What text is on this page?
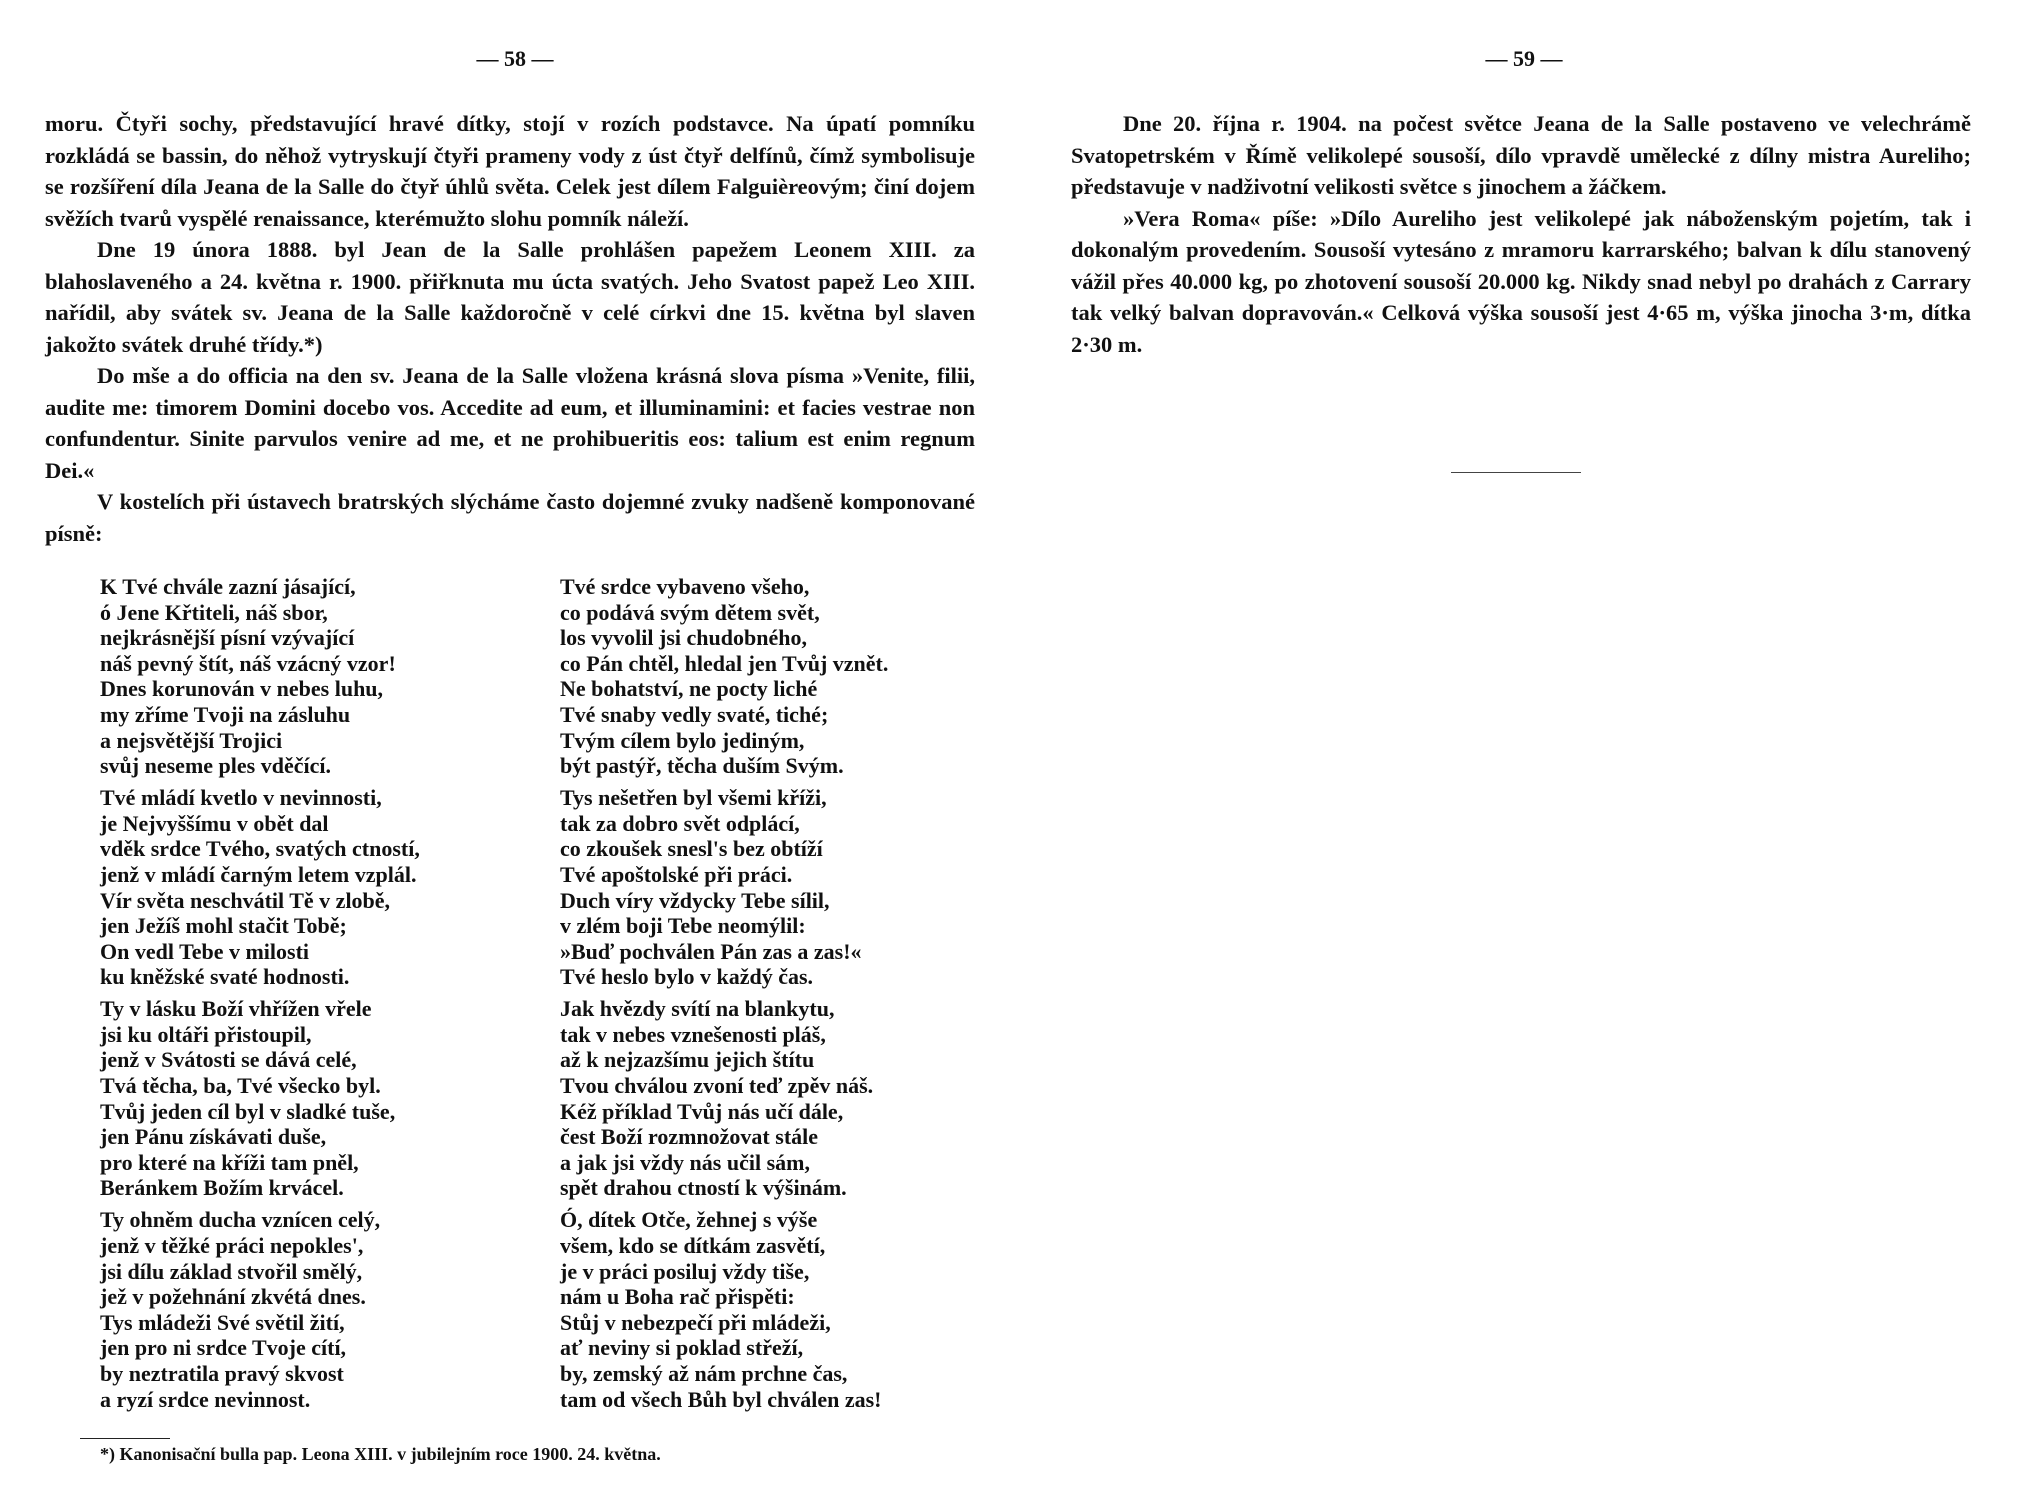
— 58 —

moru. Čtyři sochy, představující hravé dítky, stojí v rozích podstavce. Na úpatí pomníku rozkládá se bassin, do něhož vytryskují čtyři prameny vody z úst čtyř delfínů, čímž symbolisuje se rozšíření díla Jeana de la Salle do čtyř úhlů světa. Celek jest dílem Falguièreovým; činí dojem svěžích tvarů vyspělé renaissance, kterémužto slohu pomník náleží.

Dne 19 února 1888. byl Jean de la Salle prohlášen papežem Leonem XIII. za blahoslaveného a 24. května r. 1900. přiřknuta mu úcta svatých. Jeho Svatost papež Leo XIII. nařídil, aby svátek sv. Jeana de la Salle každoročně v celé církvi dne 15. května byl slaven jakožto svátek druhé třídy.*)

Do mše a do officia na den sv. Jeana de la Salle vložena krásná slova písma »Venite, filii, audite me: timorem Domini docebo vos. Accedite ad eum, et illuminamini: et facies vestrae non confundentur. Sinite parvulos venire ad me, et ne prohibueritis eos: talium est enim regnum Dei.«

V kostelích při ústavech bratrských slýcháme často dojemné zvuky nadšeně komponované písně:

K Tvé chvále zazní jásající,
ó Jene Křtiteli, náš sbor,
nejkrásnější písní vzývající
náš pevný štít, náš vzácný vzor!
Dnes korunován v nebes luhu,
my zříme Tvoji na zásluhu
a nejsvětější Trojici
svůj neseme ples vděčící.
Tvé mládí kvetlo v nevinnosti,
je Nejvyššímu v obět dal
vděk srdce Tvého, svatých ctností,
jenž v mládí čarným letem vzplál.
Vír světa neschvátil Tě v zlobě,
jen Ježíš mohl stačit Tobě;
On vedl Tebe v milosti
ku kněžské svaté hodnosti.
Ty v lásku Boží vhřížen vřele
jsi ku oltáři přistoupil,
jenž v Svátosti se dává celé,
Tvá těcha, ba, Tvé všecko byl.
Tvůj jeden cíl byl v sladké tuše,
jen Pánu získávati duše,
pro které na kříži tam pněl,
Beránkem Božím krvácel.
Ty ohněm ducha vznícen celý,
jenž v těžké práci nepokles',
jsi dílu základ stvořil smělý,
jež v požehnání zkvétá dnes.
Tys mládeži Své světil žití,
jen pro ni srdce Tvoje cítí,
by neztratila pravý skvost
a ryzí srdce nevinnost.
Tvé srdce vybaveno všeho,
co podává svým dětem svět,
los vyvolil jsi chudobného,
co Pán chtěl, hledal jen Tvůj vznět.
Ne bohatství, ne pocty liché
Tvé snaby vedly svaté, tiché;
Tvým cílem bylo jediným,
být pastýř, těcha duším Svým.
Tys nešetřen byl všemi kříži,
tak za dobro svět odplácí,
co zkoušek snesl's bez obtíží
Tvé apoštolské při práci.
Duch víry vždycky Tebe sílil,
v zlém boji Tebe neomýlil:
»Buď pochválen Pán zas a zas!«
Tvé heslo bylo v každý čas.
Jak hvězdy svítí na blankytu,
tak v nebes vznešenosti pláš,
až k nejzazšímu jejich štítu
Tvou chválou zvoní teď zpěv náš.
Kéž příklad Tvůj nás učí dále,
čest Boží rozmnožovat stále
a jak jsi vždy nás učil sám,
spět drahou ctností k výšinám.
Ó, dítek Otče, žehnej s výše
všem, kdo se dítkám zasvětí,
je v práci posiluj vždy tiše,
nám u Boha rač přispěti:
Stůj v nebezpečí při mládeži,
ať neviny si poklad střeží,
by, zemský až nám prchne čas,
tam od všech Bůh byl chválen zas!
*) Kanonisační bulla pap. Leona XIII. v jubilejním roce 1900. 24. května.
— 59 —

Dne 20. října r. 1904. na počest světce Jeana de la Salle postaveno ve velechrámě Svatopetrském v Římě velikolepé sousoší, dílo vpravdě umělecké z dílny mistra Aureliho; představuje v nadživotní velikosti světce s jinochem a žáčkem.

»Vera Roma« píše: »Dílo Aureliho jest velikolepé jak náboženským pojetím, tak i dokonalým provedením. Sousoší vytesáno z mramoru karrarského; balvan k dílu stanovený vážil přes 40.000 kg, po zhotovení sousoší 20.000 kg. Nikdy snad nebyl po drahách z Carrary tak velký balvan dopravován.« Celková výška sousoší jest 4·65 m, výška jinocha 3·m, dítka 2·30 m.
